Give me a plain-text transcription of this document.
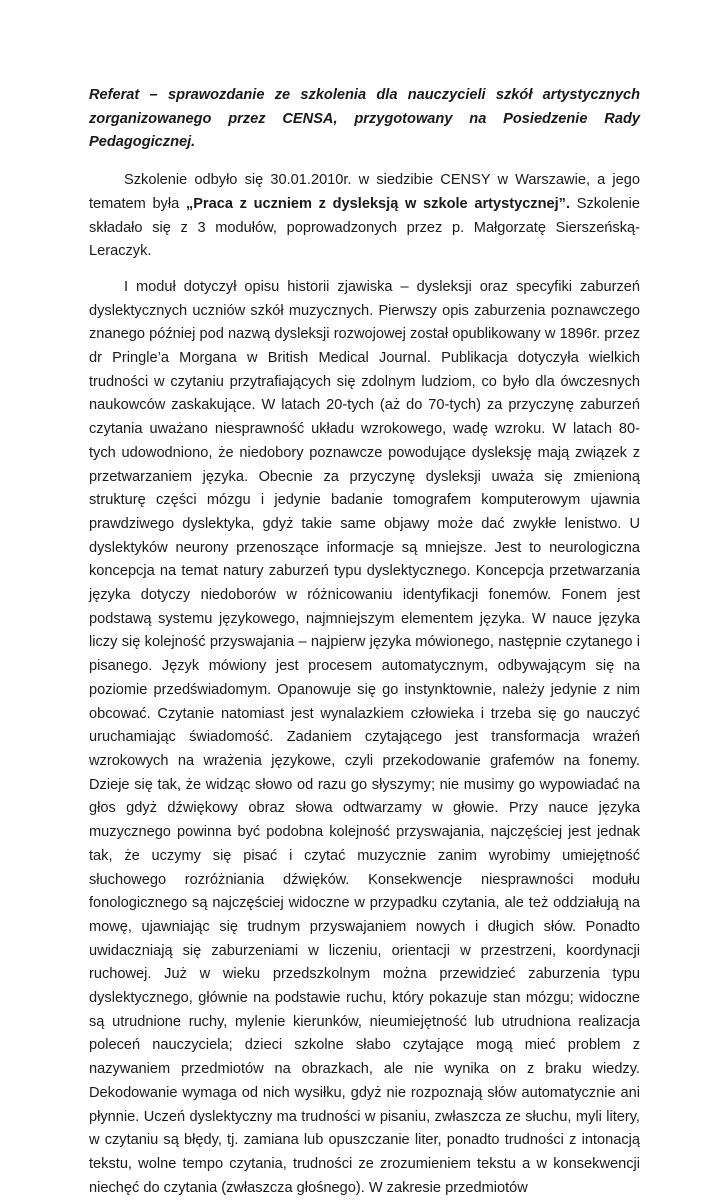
Referat – sprawozdanie ze szkolenia dla nauczycieli szkół artystycznych zorganizowanego przez CENSA, przygotowany na Posiedzenie Rady Pedagogicznej.

Szkolenie odbyło się 30.01.2010r. w siedzibie CENSY w Warszawie, a jego tematem była „Praca z uczniem z dysleksją w szkole artystycznej”. Szkolenie składało się z 3 modułów, poprowadzonych przez p. Małgorzatę Sierszeńską-Leraczyk.

I moduł dotyczył opisu historii zjawiska – dysleksji oraz specyfiki zaburzeń dyslektycznych uczniów szkół muzycznych. Pierwszy opis zaburzenia poznawczego znanego później pod nazwą dysleksji rozwojowej został opublikowany w 1896r. przez dr Pringle’a Morgana w British Medical Journal. Publikacja dotyczyła wielkich trudności w czytaniu przytrafiających się zdolnym ludziom, co było dla ówczesnych naukowców zaskakujące. W latach 20-tych (aż do 70-tych) za przyczynę zaburzeń czytania uważano niesprawność układu wzrokowego, wadę wzroku. W latach 80-tych udowodniono, że niedobory poznawcze powodujące dysleksję mają związek z przetwarzaniem języka. Obecnie za przyczynę dysleksji uważa się zmienioną strukturę części mózgu i jedynie badanie tomografem komputerowym ujawnia prawdziwego dyslektyka, gdyż takie same objawy może dać zwykłe lenistwo. U dyslektyków neurony przenoszące informacje są mniejsze. Jest to neurologiczna koncepcja na temat natury zaburzeń typu dyslektycznego. Koncepcja przetwarzania języka dotyczy niedoborów w różnicowaniu identyfikacji fonemów. Fonem jest podstawą systemu językowego, najmniejszym elementem języka. W nauce języka liczy się kolejność przyswajania – najpierw języka mówionego, następnie czytanego i pisanego. Język mówiony jest procesem automatycznym, odbywającym się na poziomie przedświadomym. Opanowuje się go instynktownie, należy jedynie z nim obcować. Czytanie natomiast jest wynalazkiem człowieka i trzeba się go nauczyć uruchamiając świadomość. Zadaniem czytającego jest transformacja wrażeń wzrokowych na wrażenia językowe, czyli przekodowanie grafemów na fonemy. Dzieje się tak, że widząc słowo od razu go słyszymy; nie musimy go wypowiadać na głos gdyż dźwiękowy obraz słowa odtwarzamy w głowie. Przy nauce języka muzycznego powinna być podobna kolejność przyswajania, najczęściej jest jednak tak, że uczymy się pisać i czytać muzycznie zanim wyrobimy umiejętność słuchowego rozróżniania dźwięków. Konsekwencje niesprawności modułu fonologicznego są najczęściej widoczne w przypadku czytania, ale też oddziałują na mowę, ujawniając się trudnym przyswajaniem nowych i długich słów. Ponadto uwidaczniają się zaburzeniami w liczeniu, orientacji w przestrzeni, koordynacji ruchowej. Już w wieku przedszkolnym można przewidzieć zaburzenia typu dyslektycznego, głównie na podstawie ruchu, który pokazuje stan mózgu; widoczne są utrudnione ruchy, mylenie kierunków, nieumiejętność lub utrudniona realizacja poleceń nauczyciela; dzieci szkolne słabo czytające mogą mieć problem z nazywaniem przedmiotów na obrazkach, ale nie wynika on z braku wiedzy. Dekodowanie wymaga od nich wysiłku, gdyż nie rozpoznają słów automatycznie ani płynnie. Uczeń dyslektyczny ma trudności w pisaniu, zwłaszcza ze słuchu, myli litery, w czytaniu są błędy, tj. zamiana lub opuszczanie liter, ponadto trudności z intonacją tekstu, wolne tempo czytania, trudności ze zrozumieniem tekstu a w konsekwencji niechęć do czytania (zwłaszcza głośnego). W zakresie przedmiotów
